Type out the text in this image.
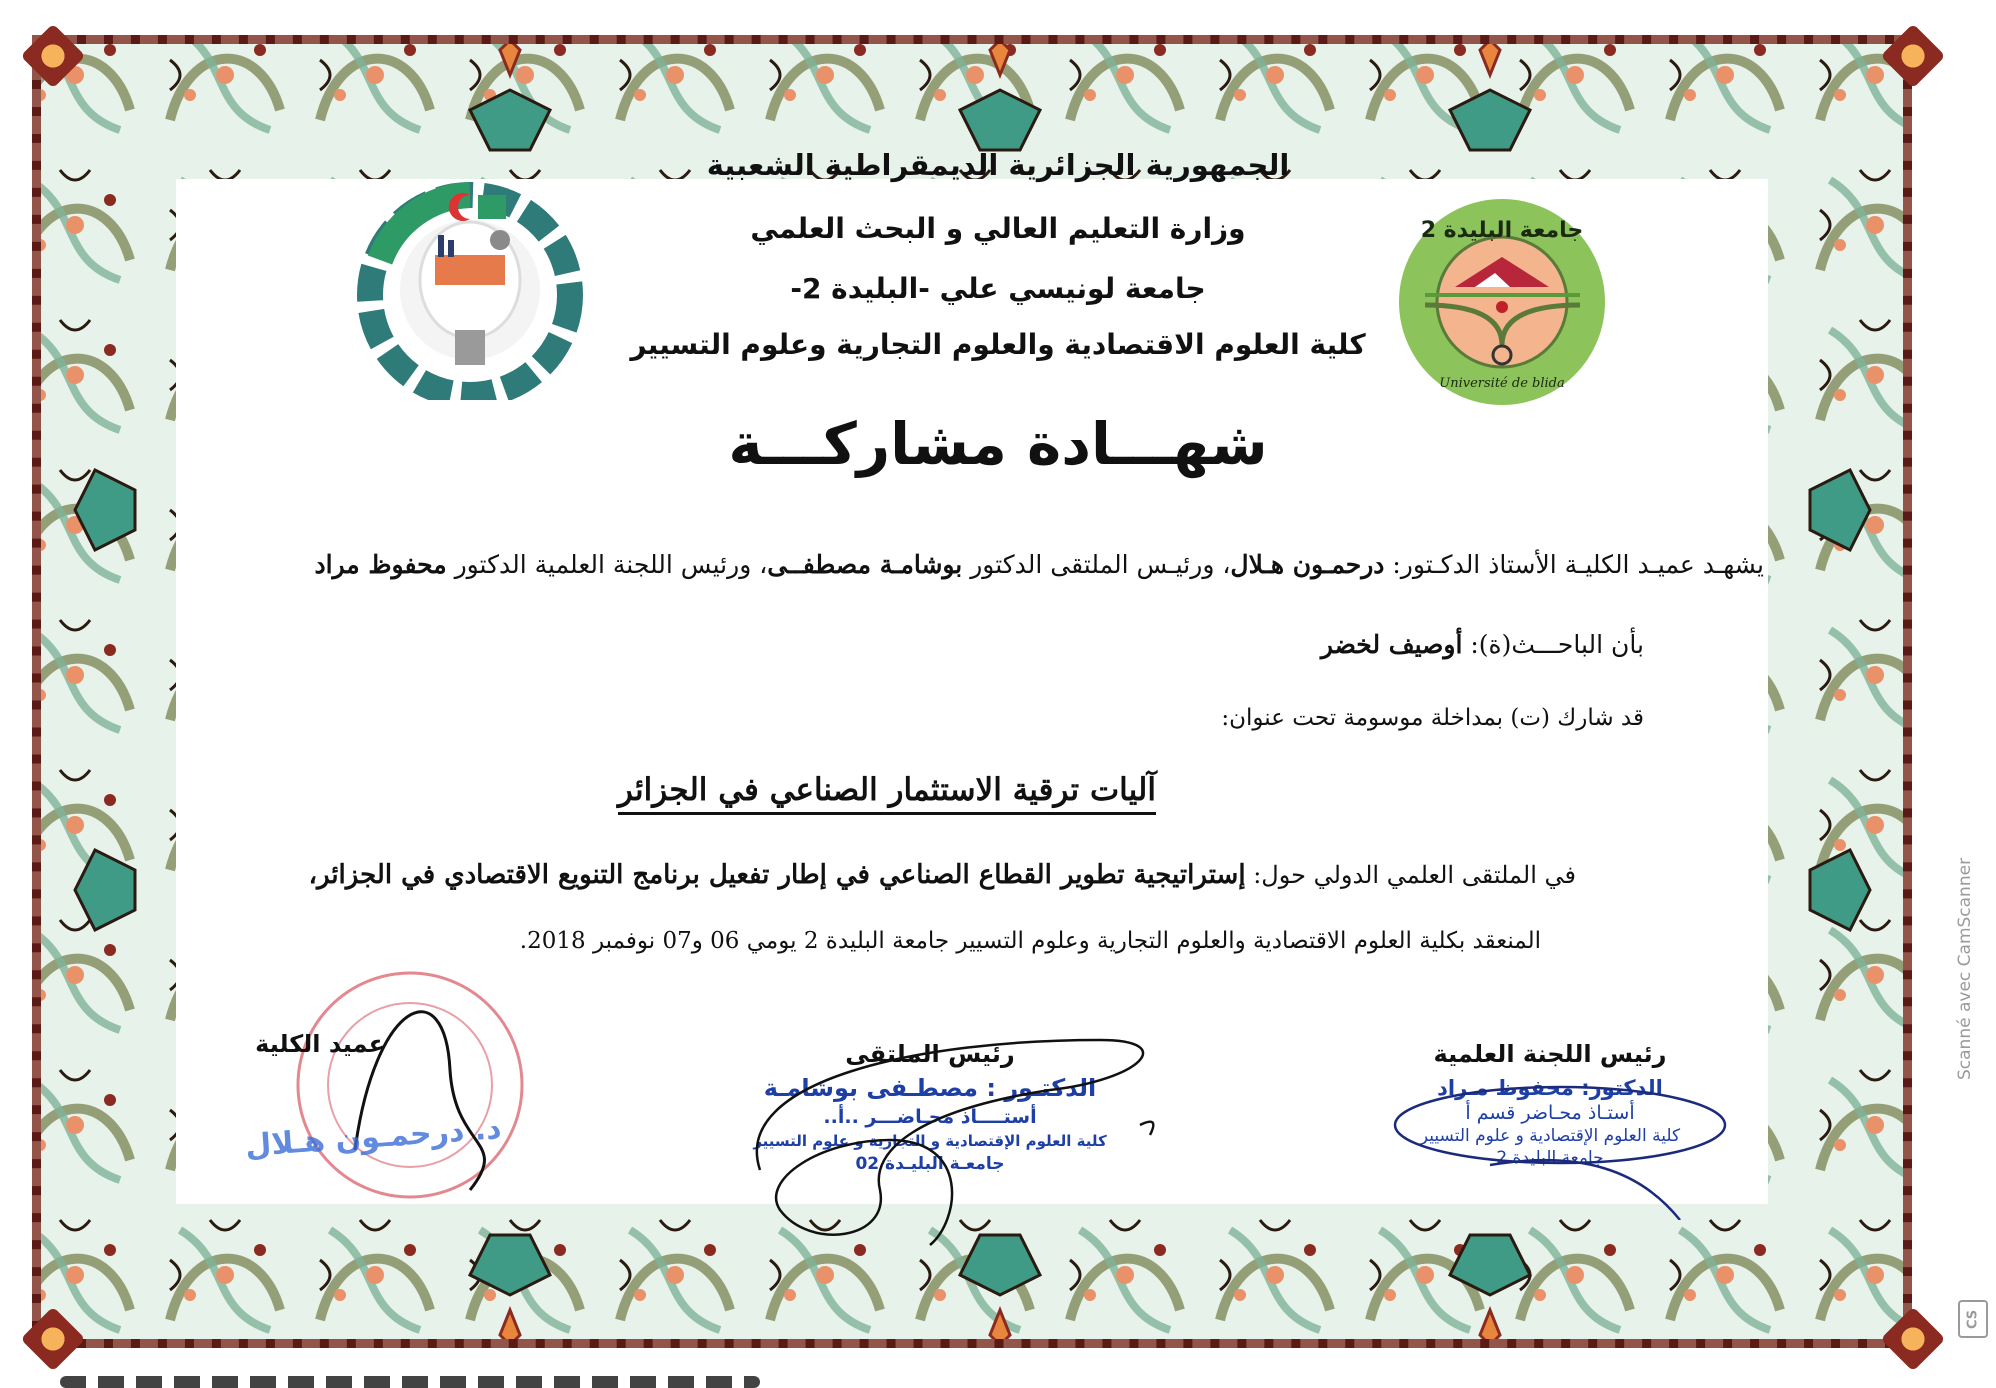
الجمهورية الجزائرية الديمقراطية الشعبية
وزارة التعليم العالي و البحث العلمي
جامعة لونيسي علي -البليدة 2-
كلية العلوم الاقتصادية والعلوم التجارية وعلوم التسيير
جامعة البليدة 2
Université de blida
شهـــادة مشاركـــة
يشهـد عميـد الكليـة الأستاذ الدكـتور: درحمـون هـلال، ورئيـس الملتقى الدكتور بوشامـة مصطفــى، ورئيس اللجنة العلمية الدكتور محفوظ مراد
بأن الباحـــث(ة): أوصيف لخضر
قد شارك (ت) بمداخلة موسومة تحت عنوان:
آليات ترقية الاستثمار الصناعي في الجزائر
في الملتقى العلمي الدولي حول: إستراتيجية تطوير القطاع الصناعي في إطار تفعيل برنامج التنويع الاقتصادي في الجزائر،
المنعقد بكلية العلوم الاقتصادية والعلوم التجارية وعلوم التسيير جامعة البليدة 2 يومي 06 و07 نوفمبر 2018.
عميد الكلية
د. درحمـون هـلال
رئيس الملتقى
الدكتـور : مصطـفى بوشامـة
أستــــاذ محـاضـــر ..أ..
كلية العلوم الإقتصادية و التجارية و علوم التسيير
جامعـة البليـدة 02
رئيس اللجنة العلمية
الدكتور: محفوظ مـراد
أستـاذ محـاضر قسم أ
كلية العلوم الإقتصادية و علوم التسيير
جامعة البليدة 2
Scanné avec CamScanner
CS
